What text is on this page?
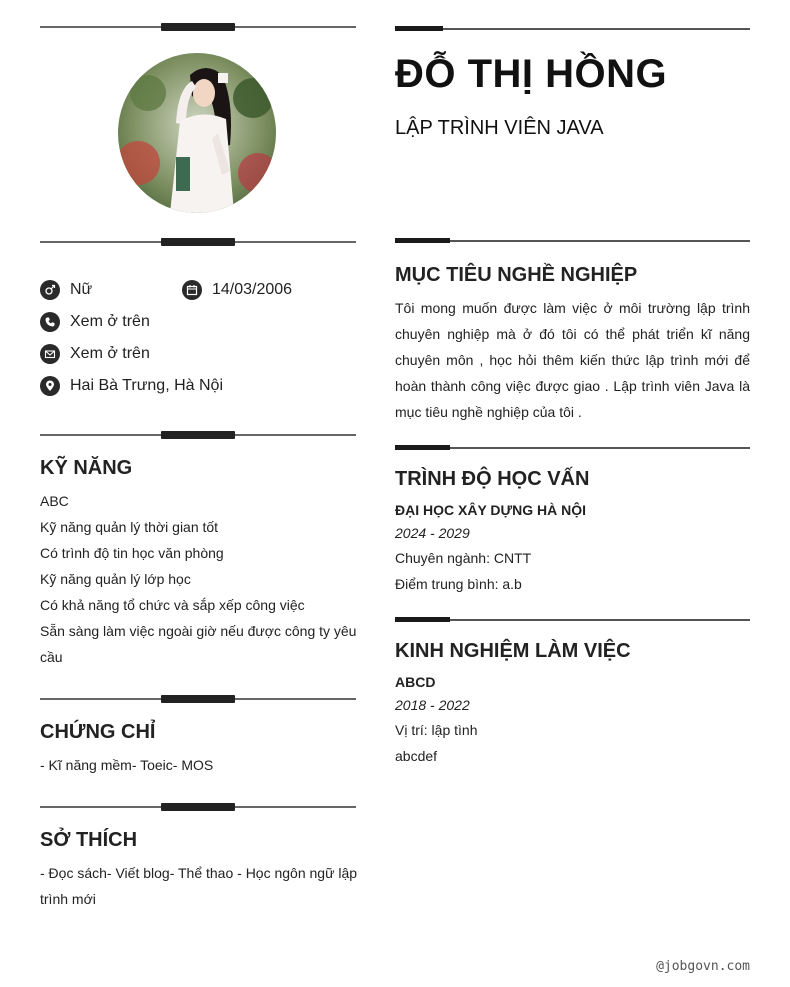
Nữ	14/03/2006
Xem ở trên
Xem ở trên
Hai Bà Trưng, Hà Nội
KỸ NĂNG
ABC
Kỹ năng quản lý thời gian tốt
Có trình độ tin học văn phòng
Kỹ năng quản lý lớp học
Có khả năng tổ chức và sắp xếp công việc
Sẵn sàng làm việc ngoài giờ nếu được công ty yêu
cầu
CHỨNG CHỈ
- Kĩ năng mềm- Toeic- MOS
SỞ THÍCH
- Đọc sách- Viết blog- Thể thao - Học ngôn ngữ lập
trình mới
ĐỖ THỊ HỒNG
LẬP TRÌNH VIÊN JAVA
MỤC TIÊU NGHỀ NGHIỆP
Tôi mong muốn được làm việc ở môi trường lập trình chuyên nghiệp mà ở đó tôi có thể phát triển kĩ năng chuyên môn , học hỏi thêm kiến thức lập trình mới để hoàn thành công việc được giao . Lập trình viên Java là mục tiêu nghề nghiệp của tôi .
TRÌNH ĐỘ HỌC VẤN
ĐẠI HỌC XÂY DỰNG HÀ NỘI
2024 - 2029
Chuyên ngành: CNTT
Điểm trung bình: a.b
KINH NGHIỆM LÀM VIỆC
ABCD
2018 - 2022
Vị trí: lập tình
abcdef
@jobgovn.com
